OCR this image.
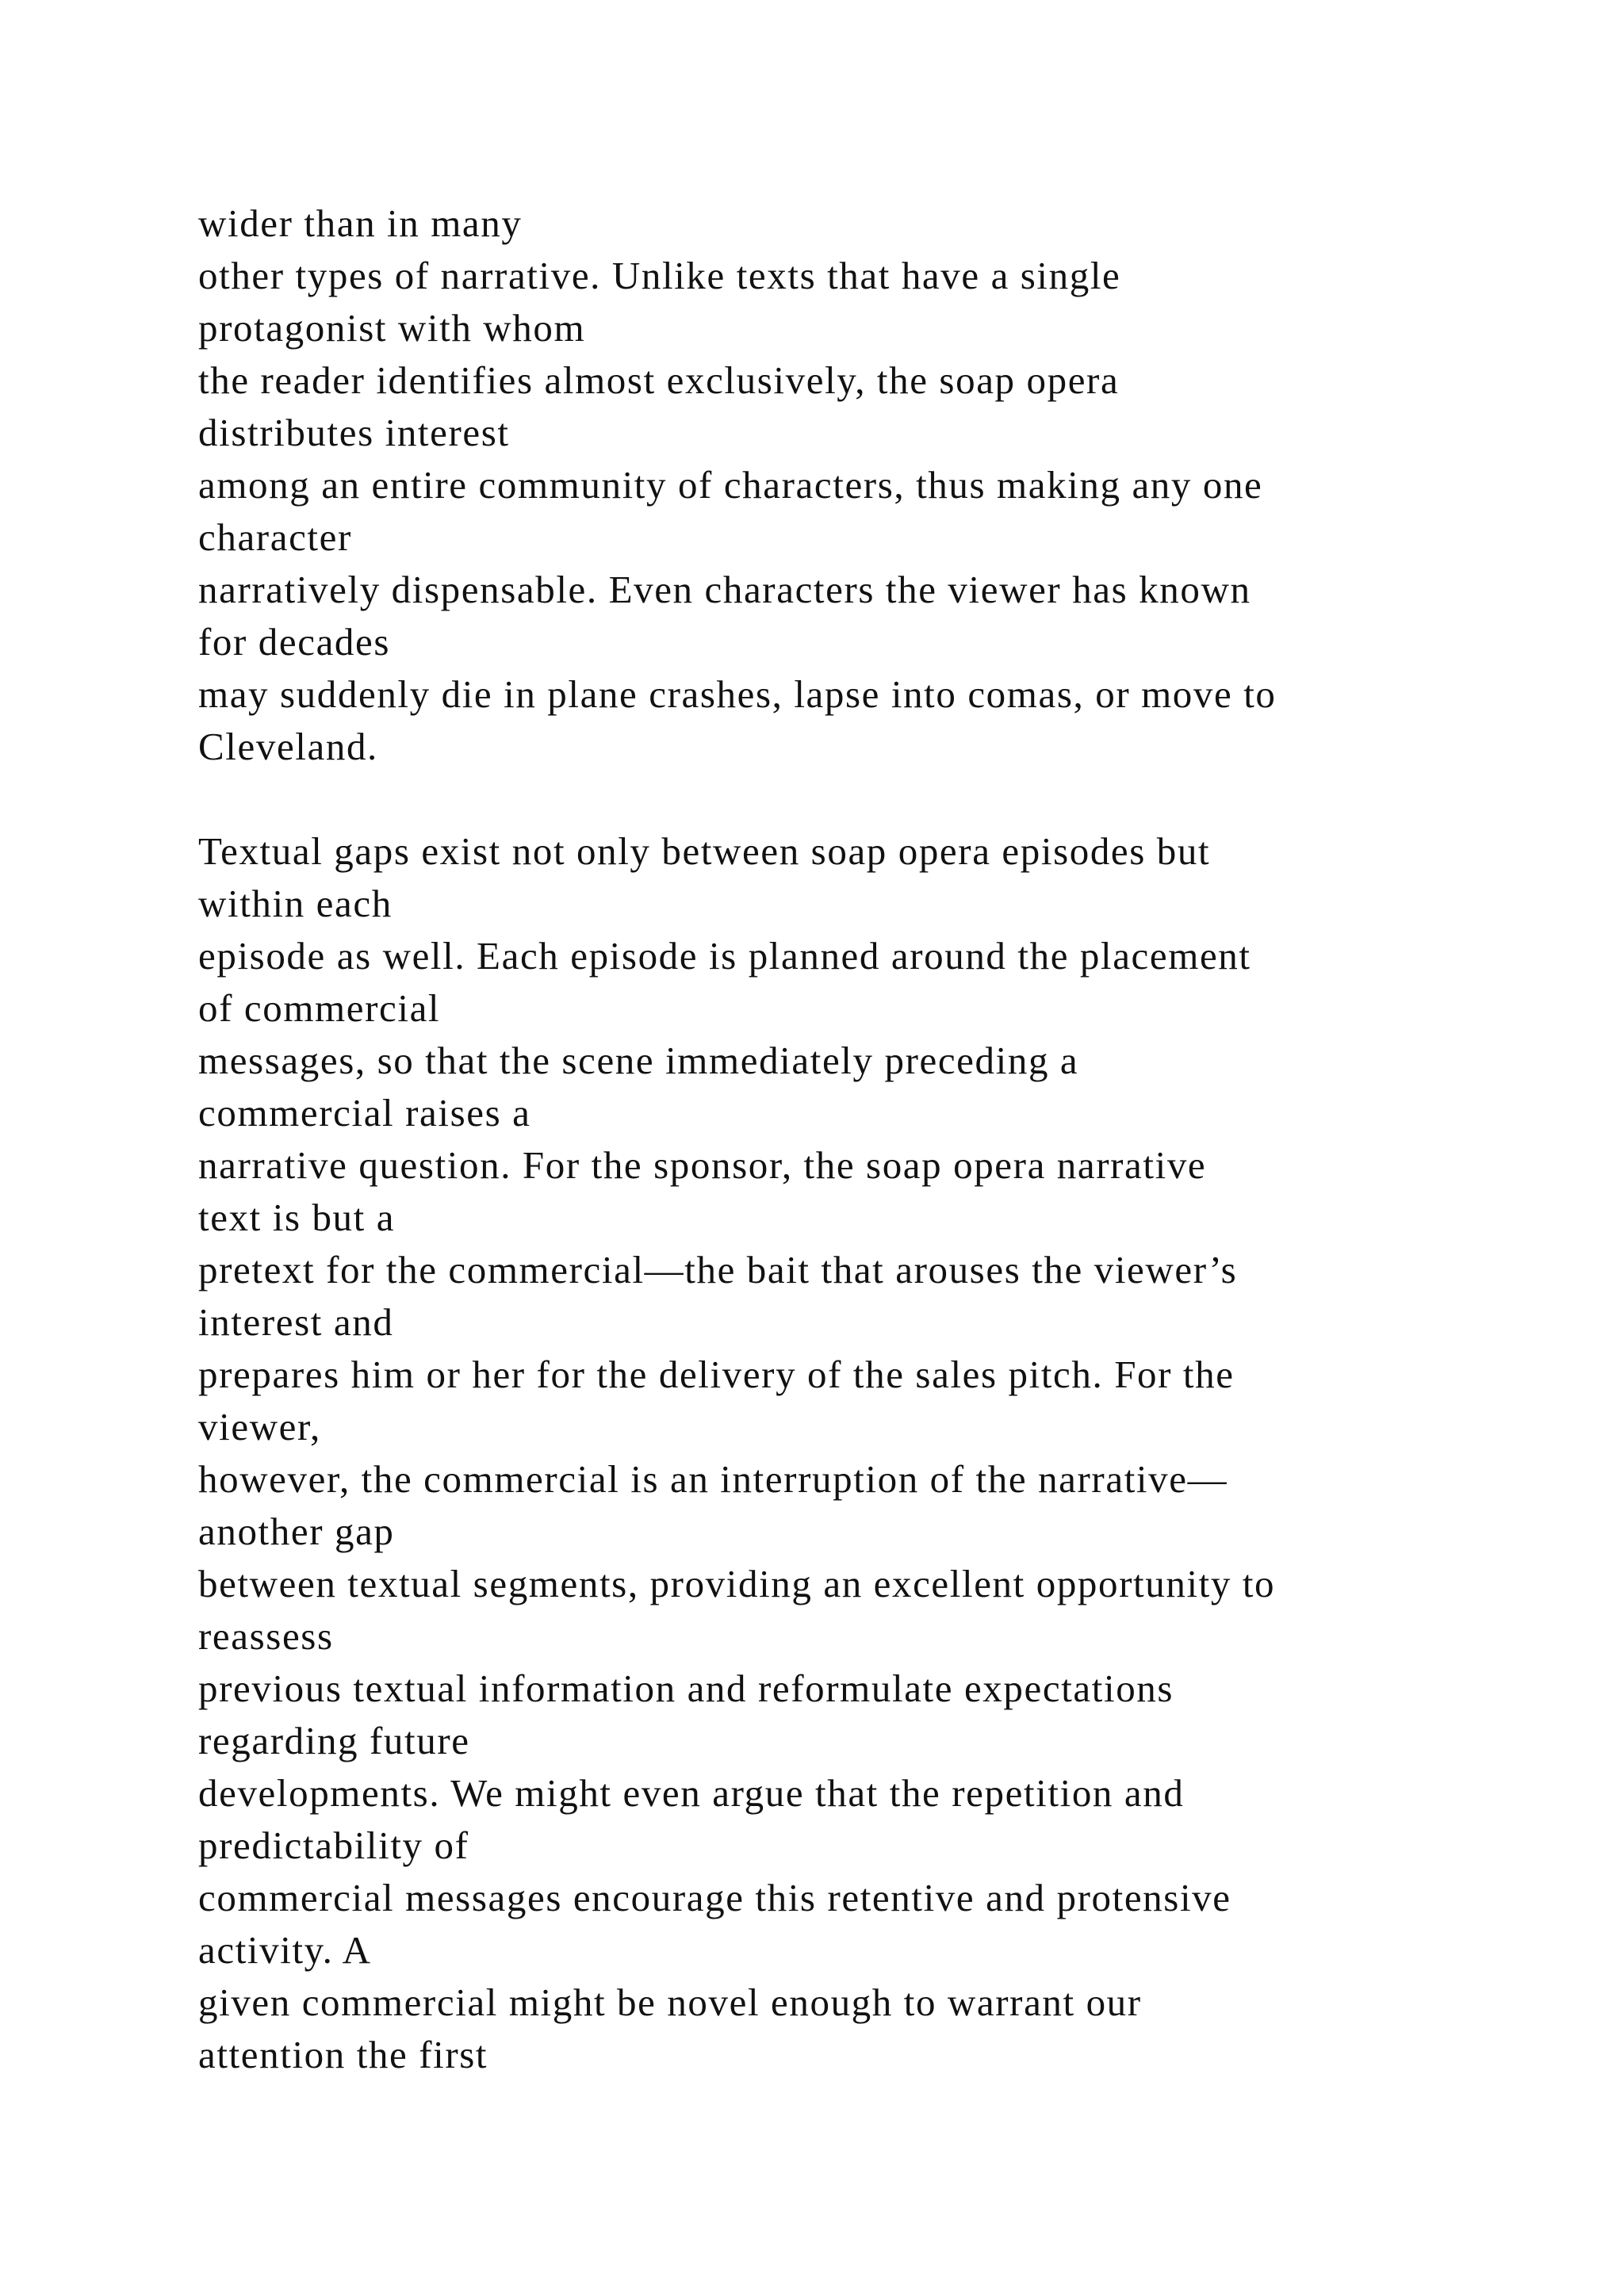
wider than in many
other types of narrative. Unlike texts that have a single
protagonist with whom
the reader identifies almost exclusively, the soap opera
distributes interest
among an entire community of characters, thus making any one
character
narratively dispensable. Even characters the viewer has known
for decades
may suddenly die in plane crashes, lapse into comas, or move to
Cleveland.
Textual gaps exist not only between soap opera episodes but
within each
episode as well. Each episode is planned around the placement
of commercial
messages, so that the scene immediately preceding a
commercial raises a
narrative question. For the sponsor, the soap opera narrative
text is but a
pretext for the commercial—the bait that arouses the viewer’s
interest and
prepares him or her for the delivery of the sales pitch. For the
viewer,
however, the commercial is an interruption of the narrative—
another gap
between textual segments, providing an excellent opportunity to
reassess
previous textual information and reformulate expectations
regarding future
developments. We might even argue that the repetition and
predictability of
commercial messages encourage this retentive and protensive
activity. A
given commercial might be novel enough to warrant our
attention the first
